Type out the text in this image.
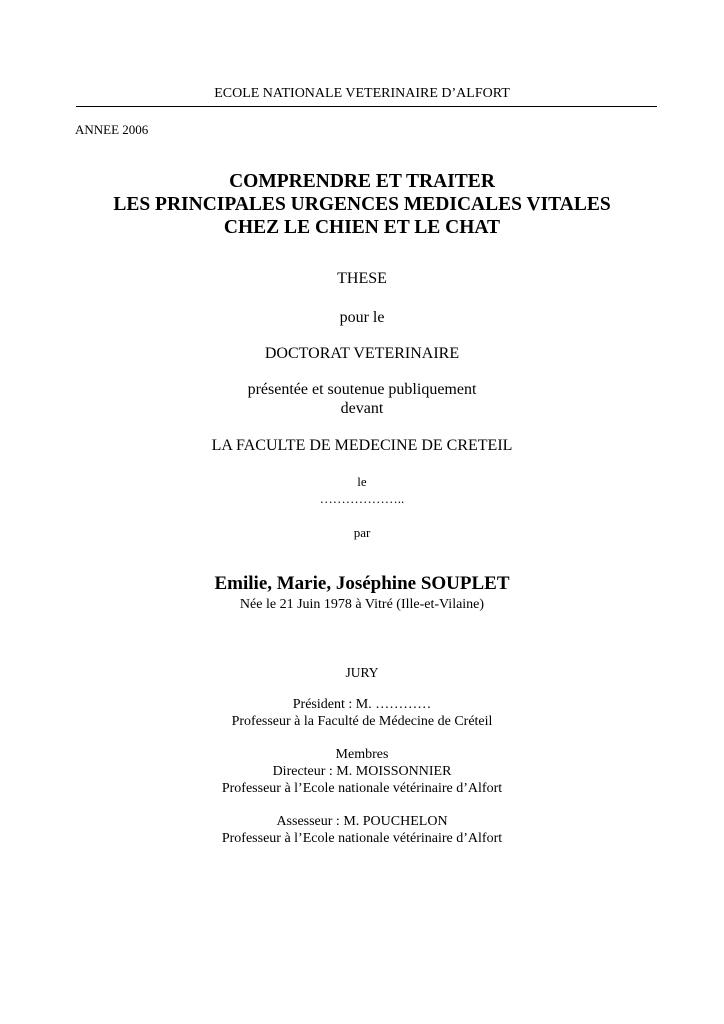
ECOLE NATIONALE VETERINAIRE D’ALFORT
ANNEE 2006
COMPRENDRE ET TRAITER
LES PRINCIPALES URGENCES MEDICALES VITALES
CHEZ LE CHIEN ET LE CHAT
THESE
pour le
DOCTORAT VETERINAIRE
présentée et soutenue publiquement
devant
LA FACULTE DE MEDECINE DE CRETEIL
le
………………..
par
Emilie, Marie, Joséphine SOUPLET
Née le 21 Juin 1978 à Vitré (Ille-et-Vilaine)
JURY
Président : M. …………
Professeur à la Faculté de Médecine de Créteil
Membres
Directeur : M. MOISSONNIER
Professeur à l’Ecole nationale vétérinaire d’Alfort
Assesseur : M. POUCHELON
Professeur à l’Ecole nationale vétérinaire d’Alfort
